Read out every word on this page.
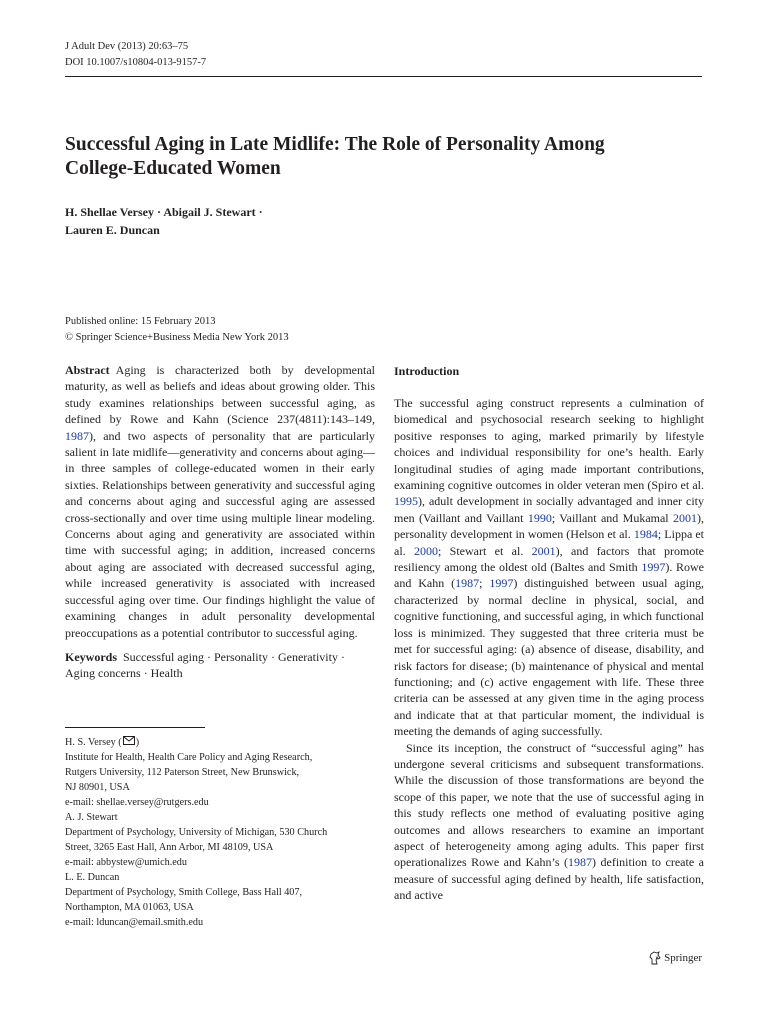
J Adult Dev (2013) 20:63–75
DOI 10.1007/s10804-013-9157-7
Successful Aging in Late Midlife: The Role of Personality Among
College-Educated Women
H. Shellae Versey · Abigail J. Stewart ·
Lauren E. Duncan
Published online: 15 February 2013
© Springer Science+Business Media New York 2013

Abstract Aging is characterized both by developmental maturity, as well as beliefs and ideas about growing older. This study examines relationships between successful aging, as defined by Rowe and Kahn (Science 237(4811):143–149, 1987), and two aspects of personality that are particularly salient in late midlife—generativity and concerns about aging—in three samples of college-educated women in their early sixties. Relationships between generativity and successful aging and concerns about aging and successful aging are assessed cross-sectionally and over time using multiple linear modeling. Concerns about aging and generativity are associated within time with successful aging; in addition, increased concerns about aging are associated with decreased successful aging, while increased generativity is associated with increased successful aging over time. Our findings highlight the value of examining changes in adult personality developmental preoccupations as a potential contributor to successful aging.

Keywords Successful aging · Personality · Generativity · Aging concerns · Health

H. S. Versey ( )
Institute for Health, Health Care Policy and Aging Research,
Rutgers University, 112 Paterson Street, New Brunswick,
NJ 80901, USA
e-mail: shellae.versey@rutgers.edu
A. J. Stewart
Department of Psychology, University of Michigan, 530 Church
Street, 3265 East Hall, Ann Arbor, MI 48109, USA
e-mail: abbystew@umich.edu
L. E. Duncan
Department of Psychology, Smith College, Bass Hall 407,
Northampton, MA 01063, USA
e-mail: lduncan@email.smith.edu
Introduction

The successful aging construct represents a culmination of biomedical and psychosocial research seeking to highlight positive responses to aging, marked primarily by lifestyle choices and individual responsibility for one’s health. Early longitudinal studies of aging made important contributions, examining cognitive outcomes in older veteran men (Spiro et al. 1995), adult development in socially advantaged and inner city men (Vaillant and Vaillant 1990; Vaillant and Mukamal 2001), personality development in women (Helson et al. 1984; Lippa et al. 2000; Stewart et al. 2001), and factors that promote resiliency among the oldest old (Baltes and Smith 1997). Rowe and Kahn (1987; 1997) distinguished between usual aging, characterized by normal decline in physical, social, and cognitive functioning, and successful aging, in which functional loss is minimized. They suggested that three criteria must be met for successful aging: (a) absence of disease, disability, and risk factors for disease; (b) maintenance of physical and mental functioning; and (c) active engagement with life. These three criteria can be assessed at any given time in the aging process and indicate that at that particular moment, the individual is meeting the demands of aging successfully.

Since its inception, the construct of “successful aging” has undergone several criticisms and subsequent transformations. While the discussion of those transformations are beyond the scope of this paper, we note that the use of successful aging in this study reflects one method of evaluating positive aging outcomes and allows researchers to examine an important aspect of heterogeneity among aging adults. This paper first operationalizes Rowe and Kahn’s (1987) definition to create a measure of successful aging defined by health, life satisfaction, and active

Springer
